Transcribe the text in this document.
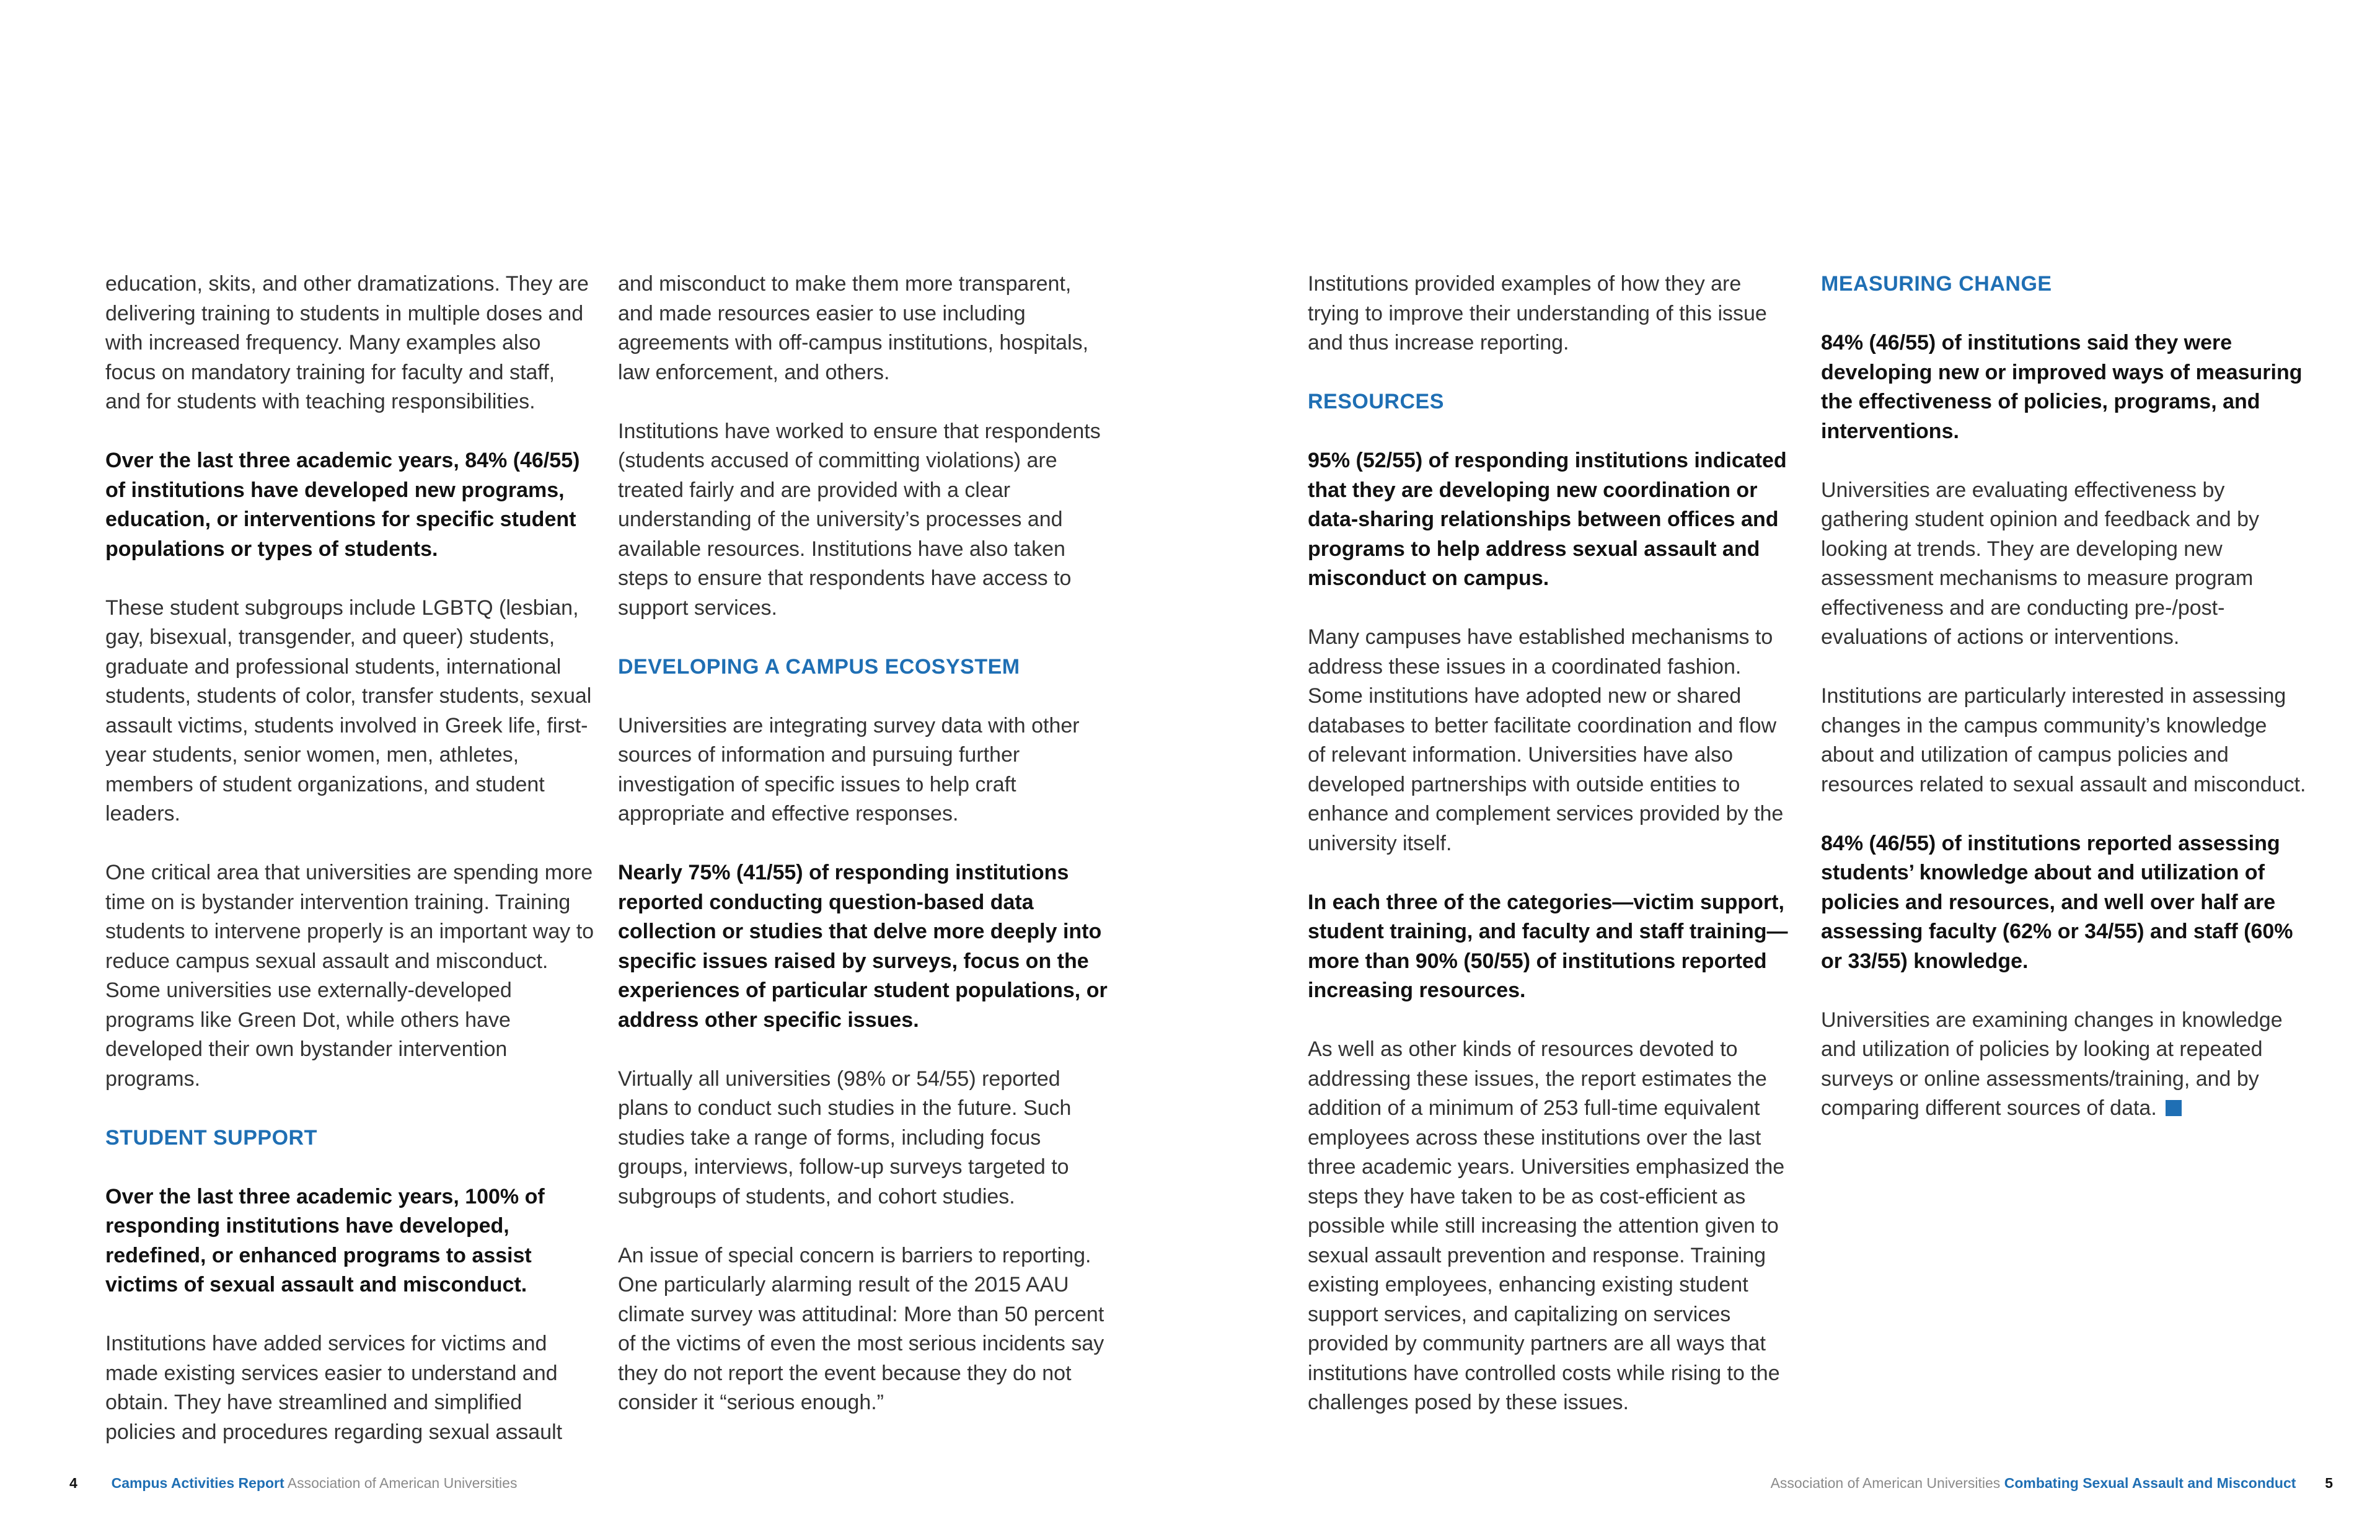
education, skits, and other dramatizations. They are delivering training to students in multiple doses and with increased frequency. Many examples also focus on mandatory training for faculty and staff, and for students with teaching responsibilities.

Over the last three academic years, 84% (46/55) of institutions have developed new programs, education, or interventions for specific student populations or types of students.

These student subgroups include LGBTQ (lesbian, gay, bisexual, transgender, and queer) students, graduate and professional students, international students, students of color, transfer students, sexual assault victims, students involved in Greek life, first-year students, senior women, men, athletes, members of student organizations, and student leaders.

One critical area that universities are spending more time on is bystander intervention training. Training students to intervene properly is an important way to reduce campus sexual assault and misconduct. Some universities use externally-developed programs like Green Dot, while others have developed their own bystander intervention programs.

STUDENT SUPPORT

Over the last three academic years, 100% of responding institutions have developed, redefined, or enhanced programs to assist victims of sexual assault and misconduct.

Institutions have added services for victims and made existing services easier to understand and obtain. They have streamlined and simplified policies and procedures regarding sexual assault

and misconduct to make them more transparent, and made resources easier to use including agreements with off-campus institutions, hospitals, law enforcement, and others.

Institutions have worked to ensure that respondents (students accused of committing violations) are treated fairly and are provided with a clear understanding of the university’s processes and available resources. Institutions have also taken steps to ensure that respondents have access to support services.

DEVELOPING A CAMPUS ECOSYSTEM

Universities are integrating survey data with other sources of information and pursuing further investigation of specific issues to help craft appropriate and effective responses.

Nearly 75% (41/55) of responding institutions reported conducting question-based data collection or studies that delve more deeply into specific issues raised by surveys, focus on the experiences of particular student populations, or address other specific issues.

Virtually all universities (98% or 54/55) reported plans to conduct such studies in the future. Such studies take a range of forms, including focus groups, interviews, follow-up surveys targeted to subgroups of students, and cohort studies.

An issue of special concern is barriers to reporting. One particularly alarming result of the 2015 AAU climate survey was attitudinal: More than 50 percent of the victims of even the most serious incidents say they do not report the event because they do not consider it “serious enough.”

Institutions provided examples of how they are trying to improve their understanding of this issue and thus increase reporting.

RESOURCES

95% (52/55) of responding institutions indicated that they are developing new coordination or data-sharing relationships between offices and programs to help address sexual assault and misconduct on campus.

Many campuses have established mechanisms to address these issues in a coordinated fashion. Some institutions have adopted new or shared databases to better facilitate coordination and flow of relevant information. Universities have also developed partnerships with outside entities to enhance and complement services provided by the university itself.

In each three of the categories—victim support, student training, and faculty and staff training—more than 90% (50/55) of institutions reported increasing resources.

As well as other kinds of resources devoted to addressing these issues, the report estimates the addition of a minimum of 253 full-time equivalent employees across these institutions over the last three academic years. Universities emphasized the steps they have taken to be as cost-efficient as possible while still increasing the attention given to sexual assault prevention and response. Training existing employees, enhancing existing student support services, and capitalizing on services provided by community partners are all ways that institutions have controlled costs while rising to the challenges posed by these issues.

MEASURING CHANGE

84% (46/55) of institutions said they were developing new or improved ways of measuring the effectiveness of policies, programs, and interventions.

Universities are evaluating effectiveness by gathering student opinion and feedback and by looking at trends. They are developing new assessment mechanisms to measure program effectiveness and are conducting pre-/post-evaluations of actions or interventions.

Institutions are particularly interested in assessing changes in the campus community’s knowledge about and utilization of campus policies and resources related to sexual assault and misconduct.

84% (46/55) of institutions reported assessing students’ knowledge about and utilization of policies and resources, and well over half are assessing faculty (62% or 34/55) and staff (60% or 33/55) knowledge.

Universities are examining changes in knowledge and utilization of policies by looking at repeated surveys or online assessments/training, and by comparing different sources of data.

4 Campus Activities Report Association of American Universities	Association of American Universities Combating Sexual Assault and Misconduct 5
